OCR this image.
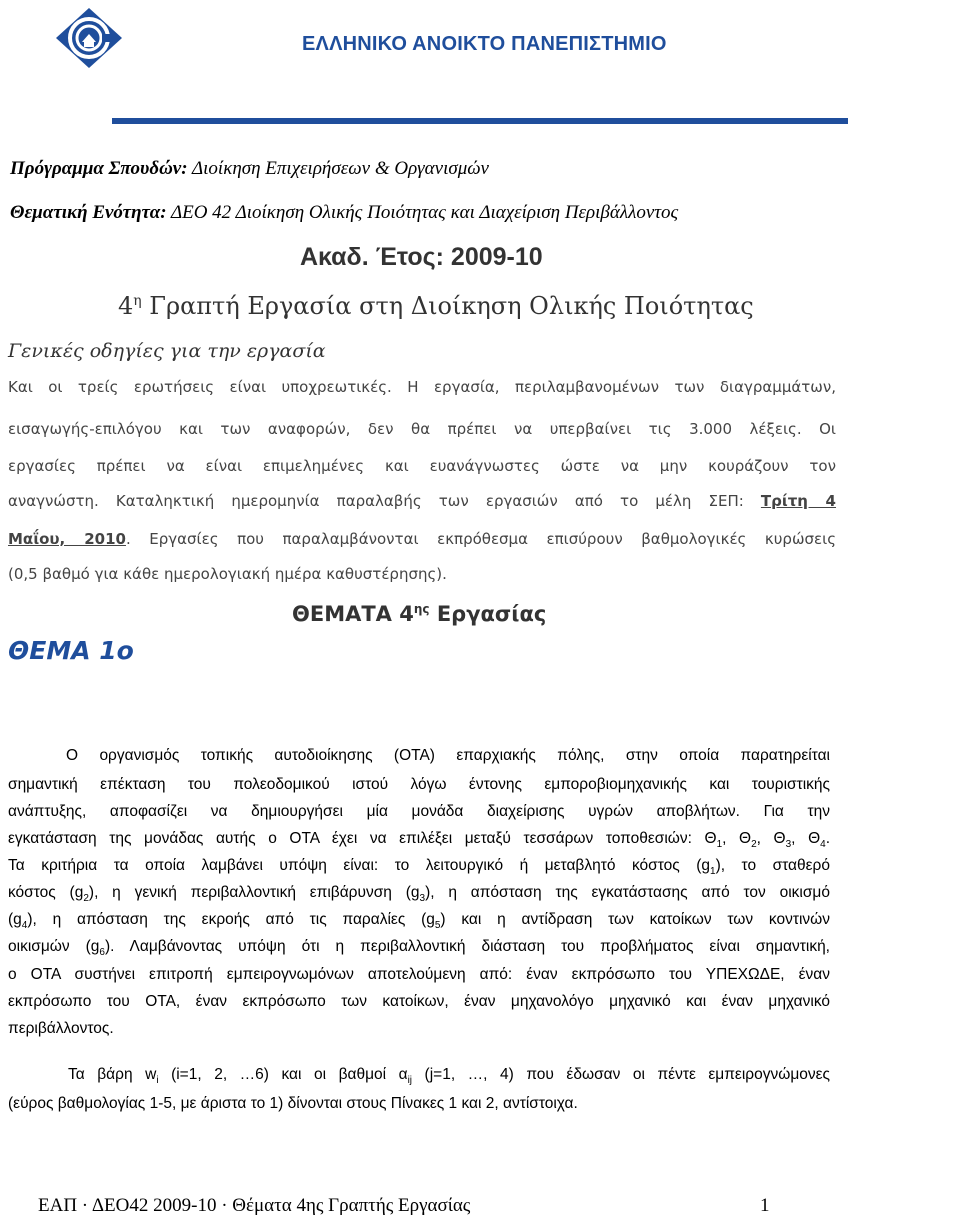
ΕΛΛΗΝΙΚΟ ΑΝΟΙΚΤΟ ΠΑΝΕΠΙΣΤΗΜΙΟ
Πρόγραμμα Σπουδών: Διοίκηση Επιχειρήσεων & Οργανισμών
Θεματική Ενότητα: ΔΕΟ 42 Διοίκηση Ολικής Ποιότητας και Διαχείριση Περιβάλλοντος
Ακαδ. Έτος: 2009-10
$4^\eta$ Γραπτή Εργασία στη Διοίκηση Ολικής Ποιότητας
Γενικές οδηγίες για την εργασία
Και οι τρείς ερωτήσεις είναι υποχρεωτικές. Η εργασία, περιλαμβανομένων των διαγραμμάτων,
εισαγωγής-επιλόγου και των αναφορών, δεν θα πρέπει να υπερβαίνει τις 3.000 λέξεις. Οι
εργασίες πρέπει να είναι επιμελημένες και ευανάγνωστες ώστε να μην κουράζουν τον
αναγνώστη. Καταληκτική ημερομηνία παραλαβής των εργασιών από το μέλη ΣΕΠ: Τρίτη 4
Μαΐου, 2010. Εργασίες που παραλαμβάνονται εκπρόθεσμα επισύρουν βαθμολογικές κυρώσεις
(0,5 βαθμό για κάθε ημερολογιακή ημέρα καθυστέρησης).
ΘΕΜΑΤΑ $4^{\eta\varsigma}$ Εργασίας
ΘΕΜΑ 1ο
Ο οργανισμός τοπικής αυτοδιοίκησης (ΟΤΑ) επαρχιακής πόλης, στην οποία παρατηρείται
σημαντική επέκταση του πολεοδομικού ιστού λόγω έντονης εμποροβιομηχανικής και τουριστικής
ανάπτυξης, αποφασίζει να δημιουργήσει μία μονάδα διαχείρισης υγρών αποβλήτων. Για την
εγκατάσταση της μονάδας αυτής ο ΟΤΑ έχει να επιλέξει μεταξύ τεσσάρων τοποθεσιών: $\Theta_1$, $\Theta_2$, $\Theta_3$, $\Theta_4$.
Τα κριτήρια τα οποία λαμβάνει υπόψη είναι: το λειτουργικό ή μεταβλητό κόστος $(g_1)$, το σταθερό
κόστος $(g_2)$, η γενική περιβαλλοντική επιβάρυνση $(g_3)$, η απόσταση της εγκατάστασης από τον οικισμό
$(g_4)$, η απόσταση της εκροής από τις παραλίες $(g_5)$ και η αντίδραση των κατοίκων των κοντινών
οικισμών $(g_6)$. Λαμβάνοντας υπόψη ότι η περιβαλλοντική διάσταση του προβλήματος είναι σημαντική,
ο ΟΤΑ συστήνει επιτροπή εμπειρογνωμόνων αποτελούμενη από: έναν εκπρόσωπο του ΥΠΕΧΩΔΕ, έναν
εκπρόσωπο του ΟΤΑ, έναν εκπρόσωπο των κατοίκων, έναν μηχανολόγο μηχανικό και έναν μηχανικό
περιβάλλοντος.
Τα βάρη $w_i$ (i=1, 2, …6) και οι βαθμοί $\alpha_{ij}$ (j=1, …, 4) που έδωσαν οι πέντε εμπειρογνώμονες
(εύρος βαθμολογίας 1-5, με άριστα το 1) δίνονται στους Πίνακες 1 και 2, αντίστοιχα.
ΕΑΠ · ΔΕΟ42 2009-10 · Θέματα 4ης Γραπτής Εργασίας	1
